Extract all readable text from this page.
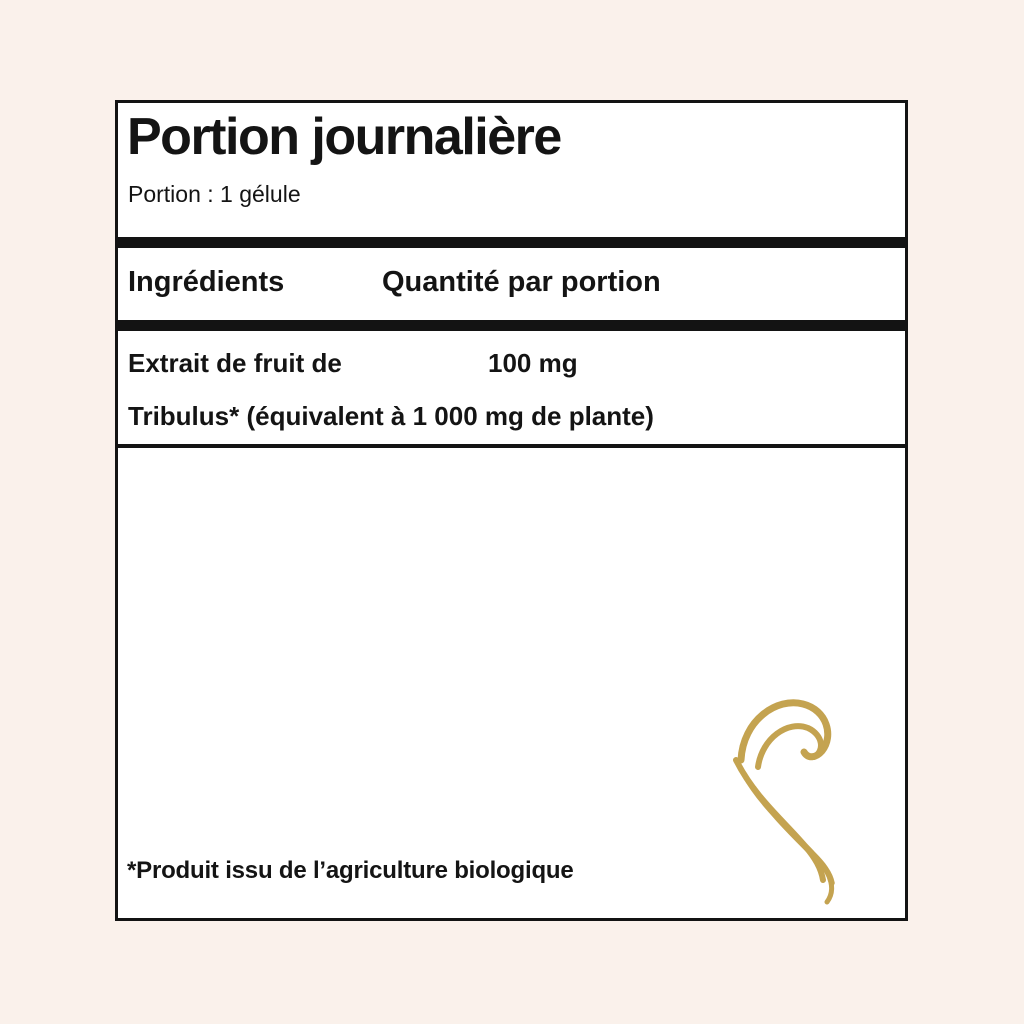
Portion journalière
Portion : 1 gélule
Ingrédients	Quantité par portion
Extrait de fruit de	100 mg
Tribulus* (équivalent à 1 000 mg de plante)
*Produit issu de l’agriculture biologique
